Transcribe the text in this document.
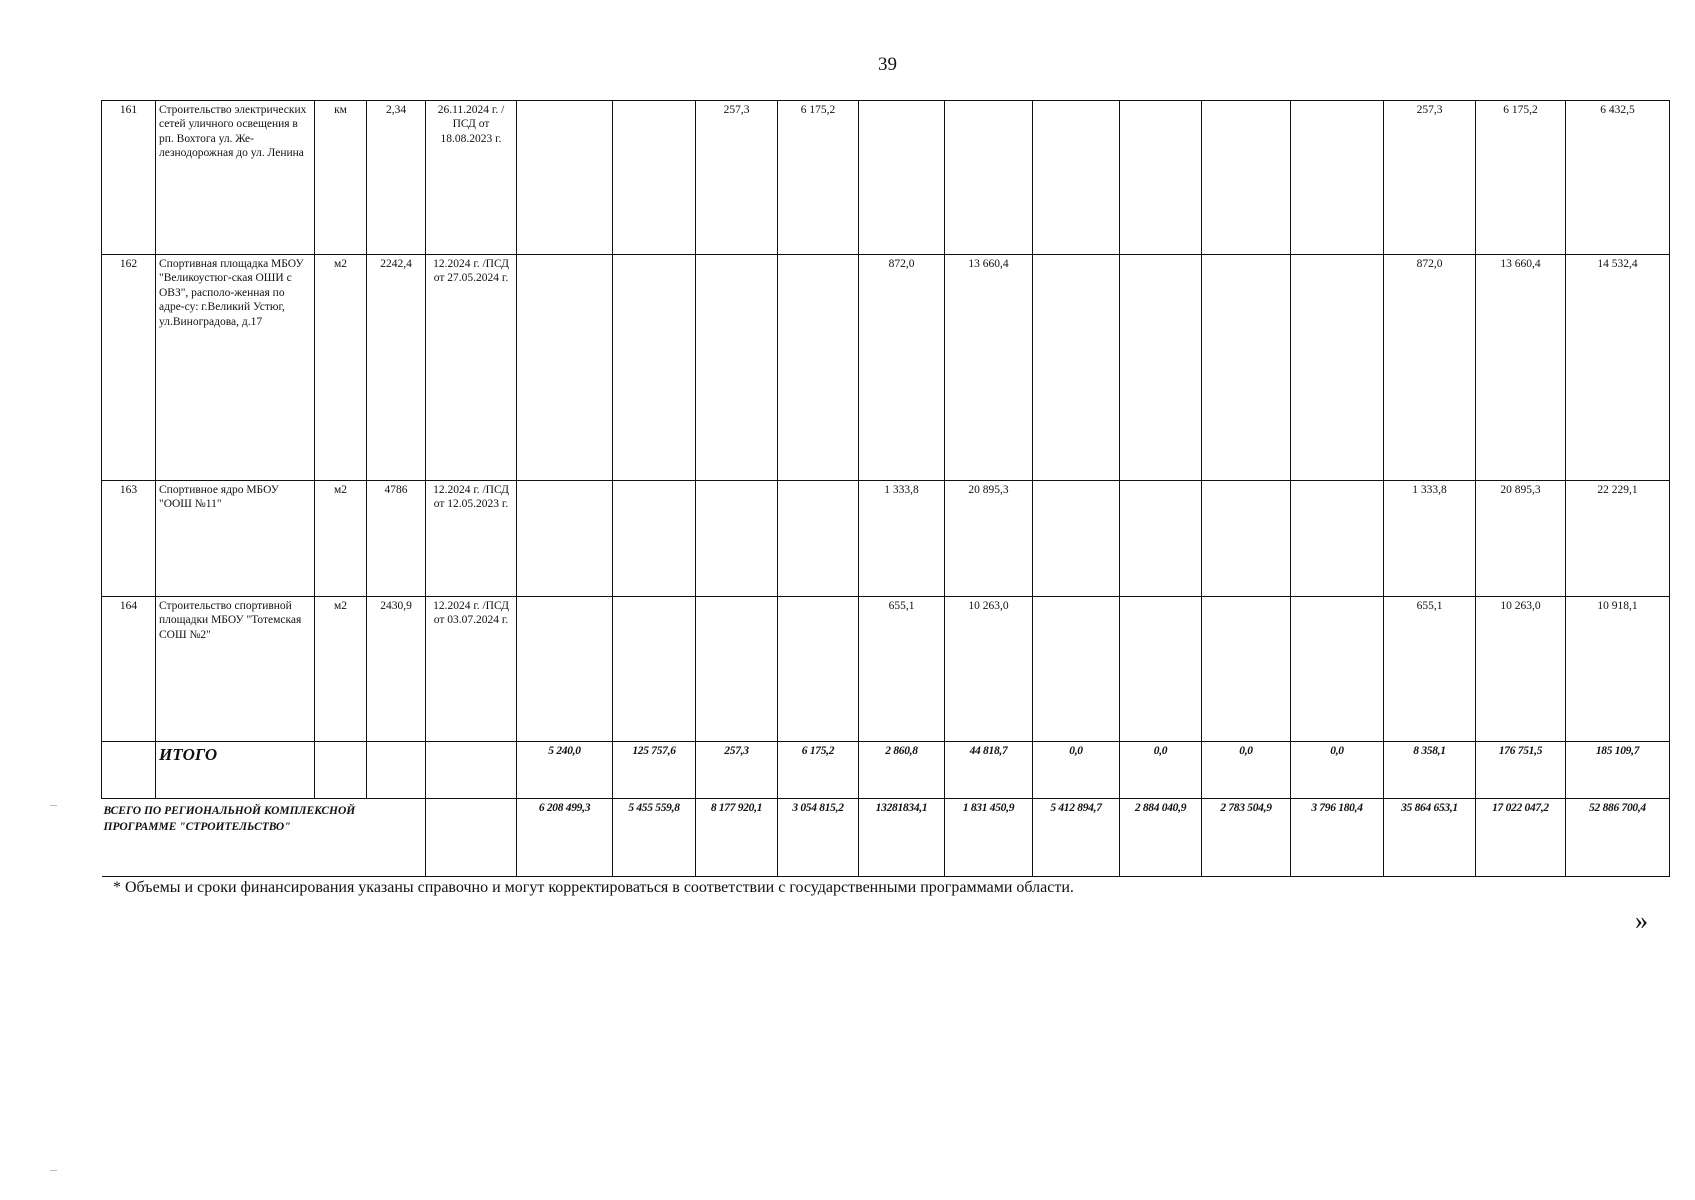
39
161	Строительство электрических сетей уличного освещения в рп. Вохтога ул. Же-лезнодорожная до ул. Ленина	км	2,34	26.11.2024 г. /ПСД от 18.08.2023 г.			257,3	6 175,2							257,3	6 175,2	6 432,5
162	Спортивная площадка МБОУ "Великоустюг-ская ОШИ с ОВЗ", располо-женная по адре-су: г.Великий Устюг, ул.Виноградова, д.17	м2	2242,4	12.2024 г. /ПСД от 27.05.2024 г.					872,0	13 660,4					872,0	13 660,4	14 532,4
163	Спортивное ядро МБОУ "ООШ №11"	м2	4786	12.2024 г. /ПСД от 12.05.2023 г.					1 333,8	20 895,3					1 333,8	20 895,3	22 229,1
164	Строительство спортивной площадки МБОУ "Тотемская СОШ №2"	м2	2430,9	12.2024 г. /ПСД от 03.07.2024 г.					655,1	10 263,0					655,1	10 263,0	10 918,1
	ИТОГО				5 240,0	125 757,6	257,3	6 175,2	2 860,8	44 818,7	0,0	0,0	0,0	0,0	8 358,1	176 751,5	185 109,7

ВСЕГО ПО РЕГИОНАЛЬНОЙ КОМПЛЕКСНОЙ
ПРОГРАММЕ "СТРОИТЕЛЬСТВО"					6 208 499,3	5 455 559,8	8 177 920,1	3 054 815,2	13281834,1	1 831 450,9	5 412 894,7	2 884 040,9	2 783 504,9	3 796 180,4	35 864 653,1	17 022 047,2	52 886 700,4
* Объемы и сроки финансирования указаны справочно и могут корректироваться в соответствии с государственными программами области.
»
